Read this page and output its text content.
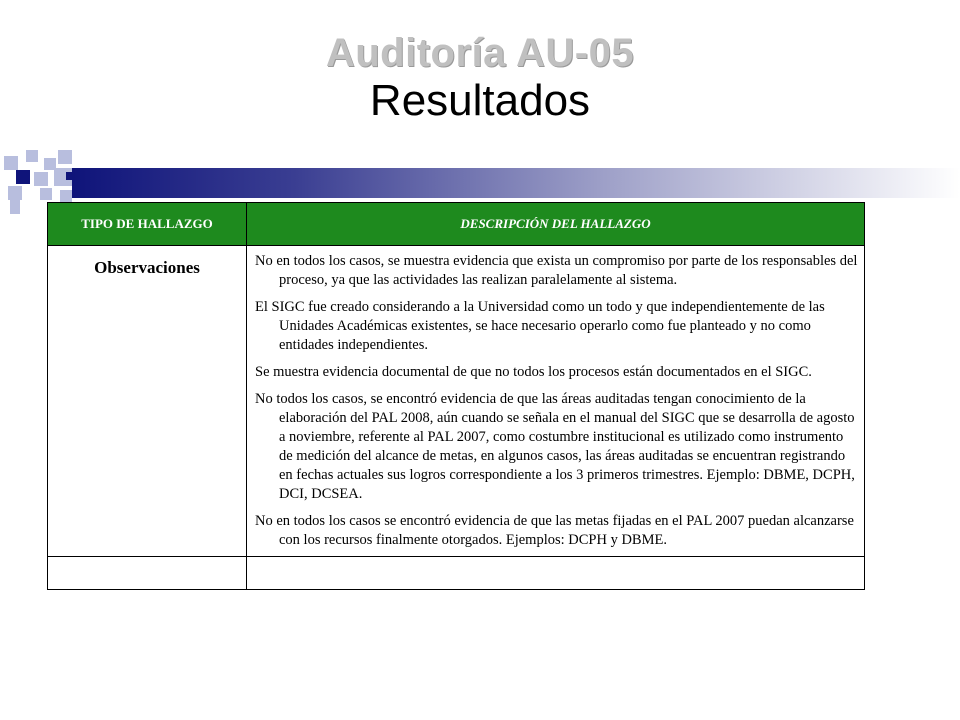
Auditoría AU-05
Resultados
TIPO DE HALLAZGO	DESCRIPCIÓN DEL HALLAZGO
Observaciones	No en todos los casos, se muestra evidencia que exista un compromiso por parte de los responsables del proceso, ya que las actividades las realizan paralelamente al sistema.

El SIGC fue creado considerando a la Universidad como un todo y que independientemente de las Unidades Académicas existentes, se hace necesario operarlo como fue planteado y no como entidades independientes.

Se muestra evidencia documental de que no todos los procesos están documentados en el SIGC.

No todos los casos, se encontró evidencia de que las áreas auditadas tengan conocimiento de la elaboración del PAL 2008, aún cuando se señala en el manual del SIGC que se desarrolla de agosto a noviembre, referente al PAL 2007, como costumbre institucional es utilizado como instrumento de medición del alcance de metas, en algunos casos, las áreas auditadas se encuentran registrando en fechas actuales sus logros correspondiente a los 3 primeros trimestres. Ejemplo: DBME, DCPH, DCI, DCSEA.

No en todos los casos se encontró evidencia de que las metas fijadas en el PAL 2007 puedan alcanzarse con los recursos finalmente otorgados. Ejemplos: DCPH y DBME.
